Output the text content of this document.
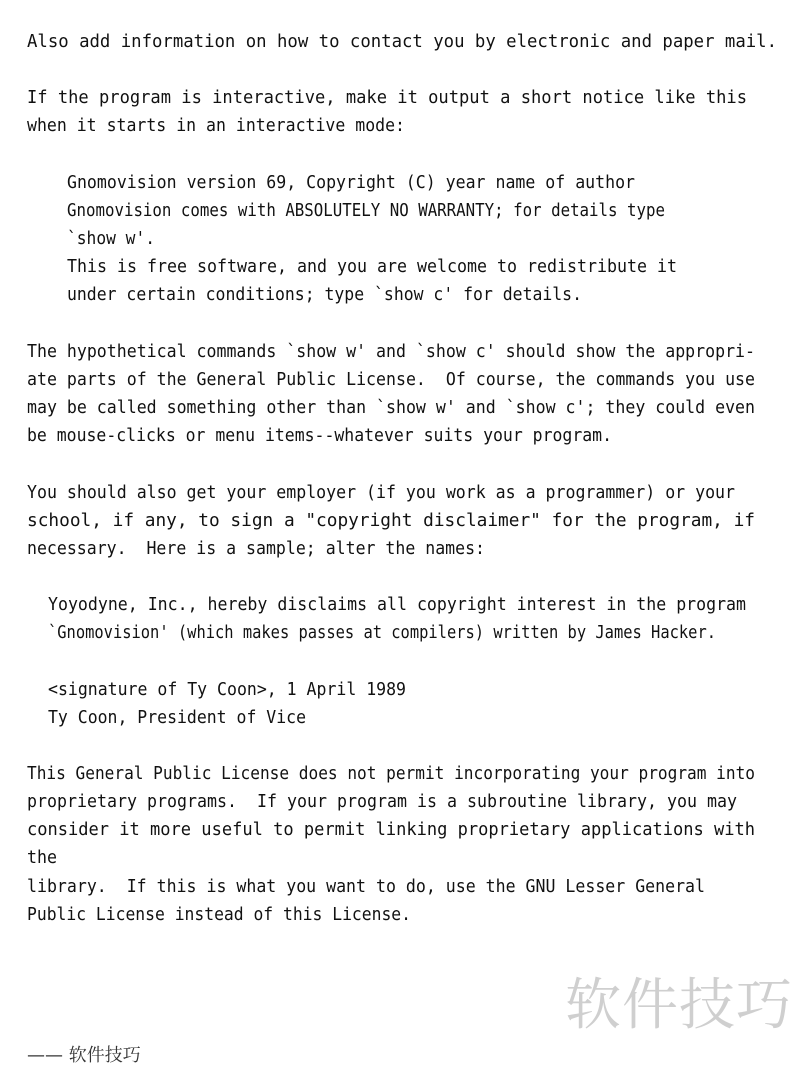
Also add information on how to contact you by electronic and paper mail.
If the program is interactive, make it output a short notice like this
when it starts in an interactive mode:
Gnomovision version 69, Copyright (C) year name of author
Gnomovision comes with ABSOLUTELY NO WARRANTY; for details type
`show w'.
This is free software, and you are welcome to redistribute it
under certain conditions; type `show c' for details.
The hypothetical commands `show w' and `show c' should show the appropri-
ate parts of the General Public License.  Of course, the commands you use
may be called something other than `show w' and `show c'; they could even
be mouse-clicks or menu items--whatever suits your program.
You should also get your employer (if you work as a programmer) or your
school, if any, to sign a "copyright disclaimer" for the program, if
necessary.  Here is a sample; alter the names:
Yoyodyne, Inc., hereby disclaims all copyright interest in the program
`Gnomovision' (which makes passes at compilers) written by James Hacker.
<signature of Ty Coon>, 1 April 1989
Ty Coon, President of Vice
This General Public License does not permit incorporating your program into
proprietary programs.  If your program is a subroutine library, you may
consider it more useful to permit linking proprietary applications with
the
library.  If this is what you want to do, use the GNU Lesser General
Public License instead of this License.
软件技巧
—— 软件技巧
